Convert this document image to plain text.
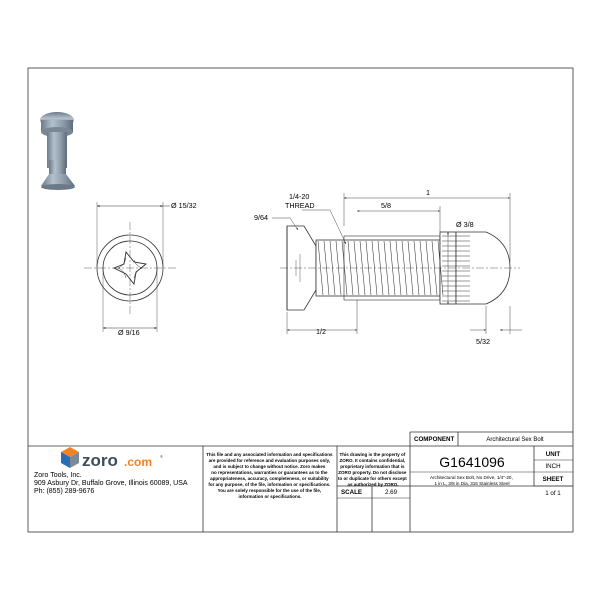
Ø 15/32
Ø 9/16
9/64
1/4-20
THREAD
1
5/8
Ø 3/8
1/2
5/32
zoro .com ®
Zoro Tools, Inc.
909 Asbury Dr, Buffalo Grove, Illinois 60089, USA
Ph: (855) 289-9676
This file and any associated information and specifications are provided for reference and evaluation purposes only, and is subject to change without notice. Zoro makes no representations, warranties or guarantees as to the appropriateness, accuracy, completeness, or suitability for any purpose, of the file, information or specifications. You are solely responsible for the use of the file, information or specifications.
This drawing is the property of ZORO. It contains confidential, proprietary information that is ZORO property. Do not disclose to or duplicate for others except as authorized by ZORO.
COMPONENT	Architectural Sex Bolt
G1641096
Architectural Sex Bolt, No Drive, 1/4"-20, 1 in L, 3/8 in Dia, 316 Stainless Steel
SCALE	2.69
UNIT
INCH
SHEET
1 of 1
